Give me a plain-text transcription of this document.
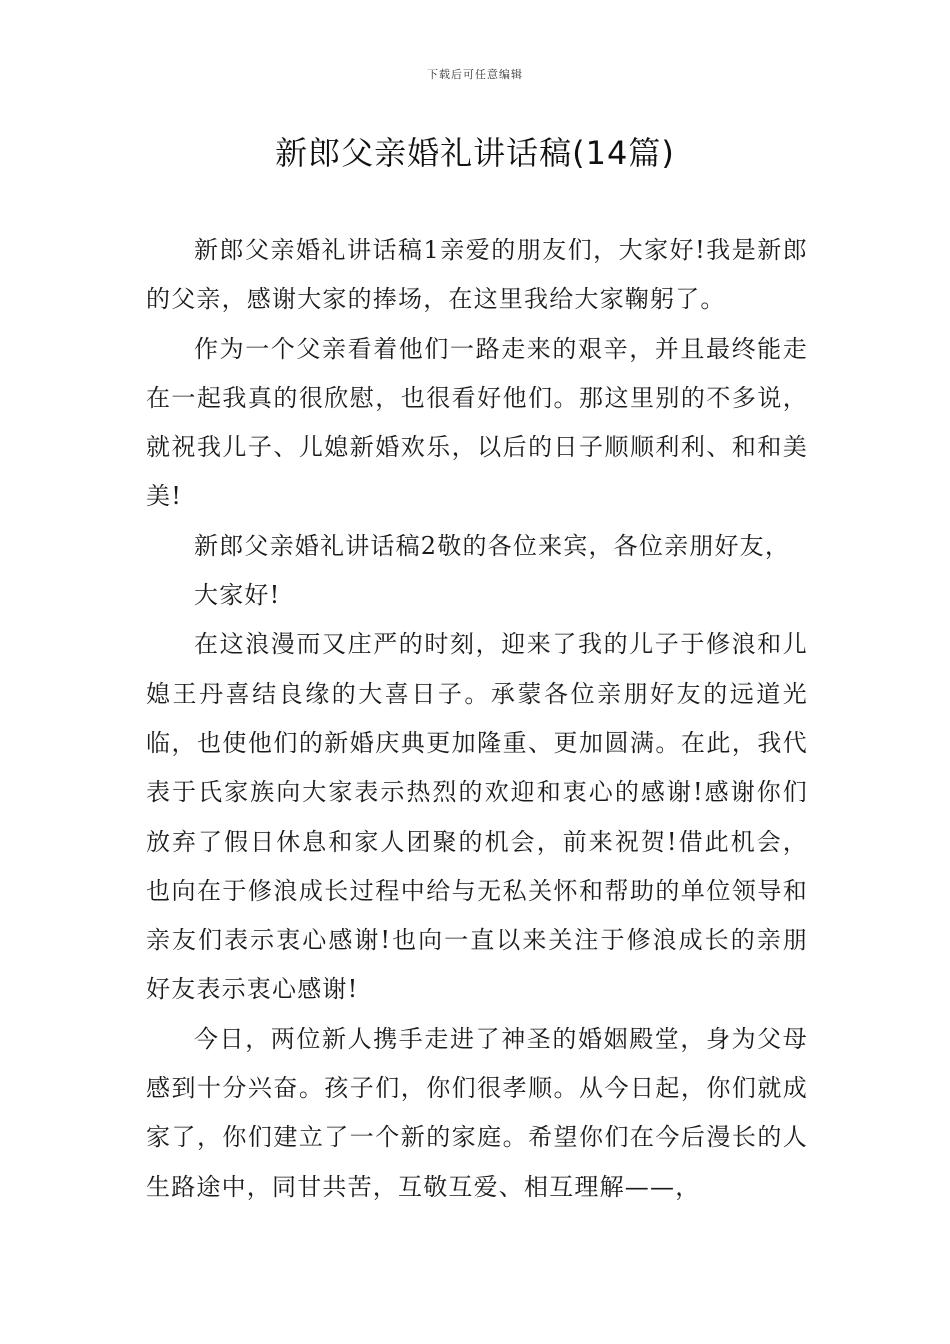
下载后可任意编辑
新郎父亲婚礼讲话稿(14篇)

新郎父亲婚礼讲话稿1亲爱的朋友们，大家好!我是新郎的父亲，感谢大家的捧场，在这里我给大家鞠躬了。

作为一个父亲看着他们一路走来的艰辛，并且最终能走在一起我真的很欣慰，也很看好他们。那这里别的不多说，就祝我儿子、儿媳新婚欢乐，以后的日子顺顺利利、和和美美!

新郎父亲婚礼讲话稿2敬的各位来宾，各位亲朋好友，

大家好!

在这浪漫而又庄严的时刻，迎来了我的儿子于修浪和儿媳王丹喜结良缘的大喜日子。承蒙各位亲朋好友的远道光临，也使他们的新婚庆典更加隆重、更加圆满。在此，我代表于氏家族向大家表示热烈的欢迎和衷心的感谢!感谢你们放弃了假日休息和家人团聚的机会，前来祝贺!借此机会，也向在于修浪成长过程中给与无私关怀和帮助的单位领导和亲友们表示衷心感谢!也向一直以来关注于修浪成长的亲朋好友表示衷心感谢!

今日，两位新人携手走进了神圣的婚姻殿堂，身为父母感到十分兴奋。孩子们，你们很孝顺。从今日起，你们就成家了，你们建立了一个新的家庭。希望你们在今后漫长的人生路途中，同甘共苦，互敬互爱、相互理解——，
